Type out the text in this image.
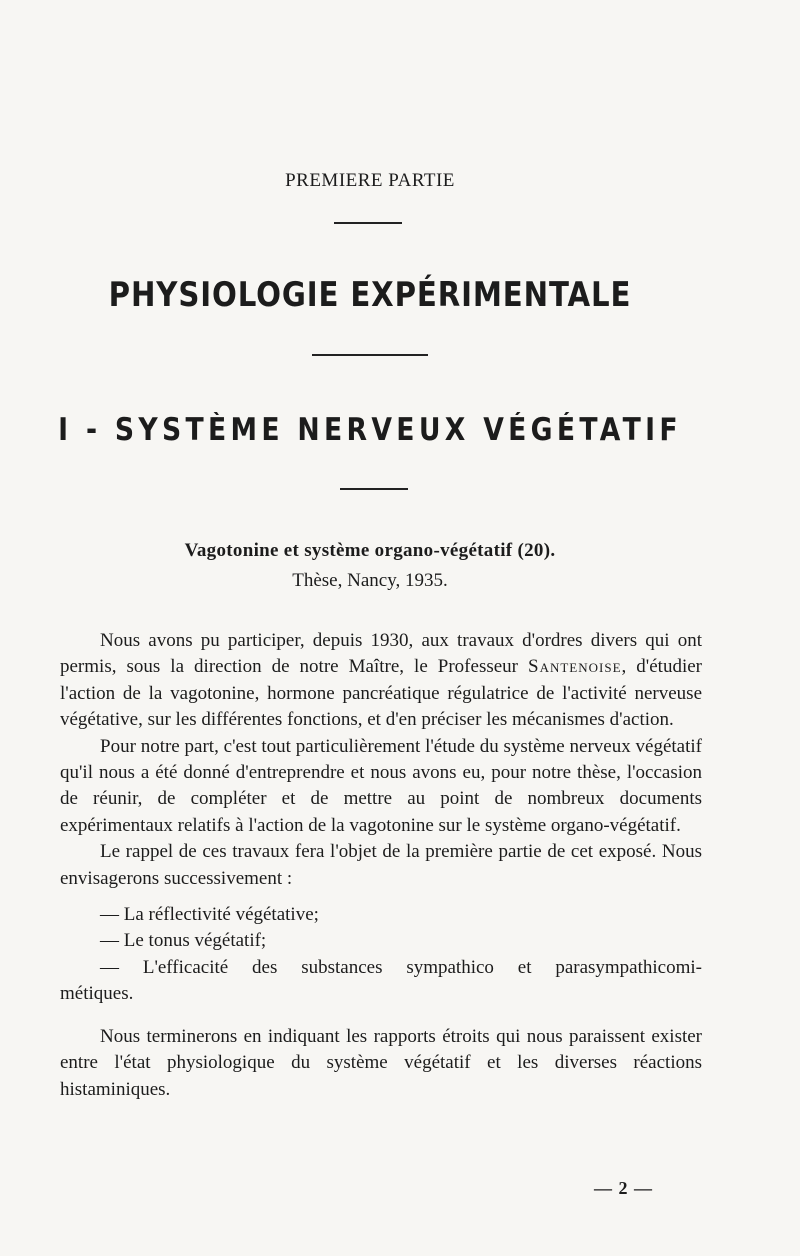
PREMIERE PARTIE
PHYSIOLOGIE EXPÉRIMENTALE
I - SYSTÈME NERVEUX VÉGÉTATIF
Vagotonine et système organo-végétatif (20).
Thèse, Nancy, 1935.

Nous avons pu participer, depuis 1930, aux travaux d'ordres divers qui ont permis, sous la direction de notre Maître, le Professeur Santenoise, d'étudier l'action de la vagotonine, hormone pancréatique régulatrice de l'activité nerveuse végétative, sur les différentes fonctions, et d'en préciser les mécanismes d'action.

Pour notre part, c'est tout particulièrement l'étude du système nerveux végétatif qu'il nous a été donné d'entreprendre et nous avons eu, pour notre thèse, l'occasion de réunir, de compléter et de mettre au point de nombreux documents expérimentaux relatifs à l'action de la vagotonine sur le système organo-végétatif.

Le rappel de ces travaux fera l'objet de la première partie de cet exposé. Nous envisagerons successivement :

— La réflectivité végétative;

— Le tonus végétatif;

— L'efficacité des substances sympathico et parasympathicomi-

métiques.

Nous terminerons en indiquant les rapports étroits qui nous paraissent exister entre l'état physiologique du système végétatif et les diverses réactions histaminiques.

— 2 —
